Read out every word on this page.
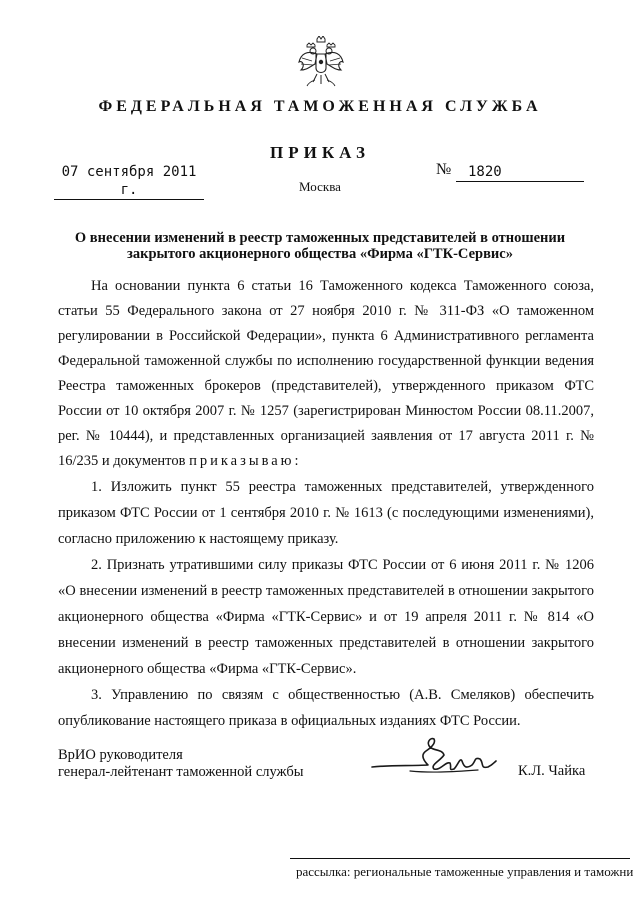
ФЕДЕРАЛЬНАЯ ТАМОЖЕННАЯ СЛУЖБА
ПРИКАЗ
07 сентября 2011 г.
№	1820
Москва
О внесении изменений в реестр таможенных представителей в отношении закрытого акционерного общества «Фирма «ГТК-Сервис»

На основании пункта 6 статьи 16 Таможенного кодекса Таможенного союза, статьи 55 Федерального закона от 27 ноября 2010 г. № 311-ФЗ «О таможенном регулировании в Российской Федерации», пункта 6 Административного регламента Федеральной таможенной службы по исполнению государственной функции ведения Реестра таможенных брокеров (представителей), утвержденного приказом ФТС России от 10 октября 2007 г. № 1257 (зарегистрирован Минюстом России 08.11.2007, рег. № 10444), и представленных организацией заявления от 17 августа 2011 г. № 16/235 и документов приказываю:

1. Изложить пункт 55 реестра таможенных представителей, утвержденного приказом ФТС России от 1 сентября 2010 г. № 1613 (с последующими изменениями), согласно приложению к настоящему приказу.

2. Признать утратившими силу приказы ФТС России от 6 июня 2011 г. № 1206 «О внесении изменений в реестр таможенных представителей в отношении закрытого акционерного общества «Фирма «ГТК-Сервис» и от 19 апреля 2011 г. № 814 «О внесении изменений в реестр таможенных представителей в отношении закрытого акционерного общества «Фирма «ГТК-Сервис».

3. Управлению по связям с общественностью (А.В. Смеляков) обеспечить опубликование настоящего приказа в официальных изданиях ФТС России.

ВрИО руководителя
генерал-лейтенант таможенной службы	К.Л. Чайка
рассылка: региональные таможенные управления и таможни
